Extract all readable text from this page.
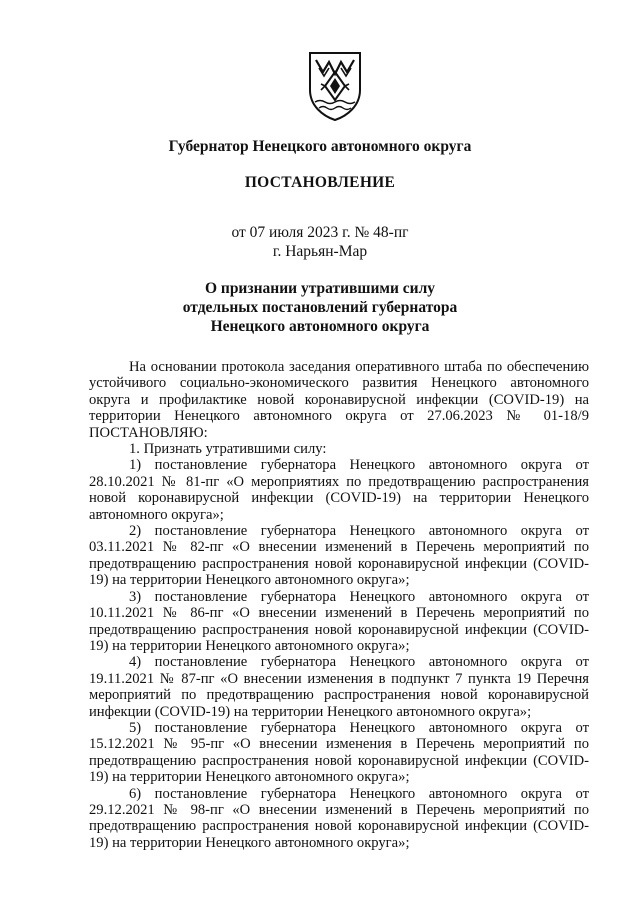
Губернатор Ненецкого автономного округа
ПОСТАНОВЛЕНИЕ
от 07 июля 2023 г. № 48-пг
г. Нарьян-Мар
О признании утратившими силу
отдельных постановлений губернатора
Ненецкого автономного округа

На основании протокола заседания оперативного штаба по обеспечению устойчивого социально-экономического развития Ненецкого автономного округа и профилактике новой коронавирусной инфекции (COVID-19) на территории Ненецкого автономного округа от 27.06.2023 № 01-18/9 ПОСТАНОВЛЯЮ:

1. Признать утратившими силу:

1) постановление губернатора Ненецкого автономного округа от 28.10.2021 № 81-пг «О мероприятиях по предотвращению распространения новой коронавирусной инфекции (COVID-19) на территории Ненецкого автономного округа»;

2) постановление губернатора Ненецкого автономного округа от 03.11.2021 № 82-пг «О внесении изменений в Перечень мероприятий по предотвращению распространения новой коронавирусной инфекции (COVID-19) на территории Ненецкого автономного округа»;

3) постановление губернатора Ненецкого автономного округа от 10.11.2021 № 86-пг «О внесении изменений в Перечень мероприятий по предотвращению распространения новой коронавирусной инфекции (COVID-19) на территории Ненецкого автономного округа»;

4) постановление губернатора Ненецкого автономного округа от 19.11.2021 № 87-пг «О внесении изменения в подпункт 7 пункта 19 Перечня мероприятий по предотвращению распространения новой коронавирусной инфекции (COVID-19) на территории Ненецкого автономного округа»;

5) постановление губернатора Ненецкого автономного округа от 15.12.2021 № 95-пг «О внесении изменения в Перечень мероприятий по предотвращению распространения новой коронавирусной инфекции (COVID-19) на территории Ненецкого автономного округа»;

6) постановление губернатора Ненецкого автономного округа от 29.12.2021 № 98-пг «О внесении изменений в Перечень мероприятий по предотвращению распространения новой коронавирусной инфекции (COVID-19) на территории Ненецкого автономного округа»;
